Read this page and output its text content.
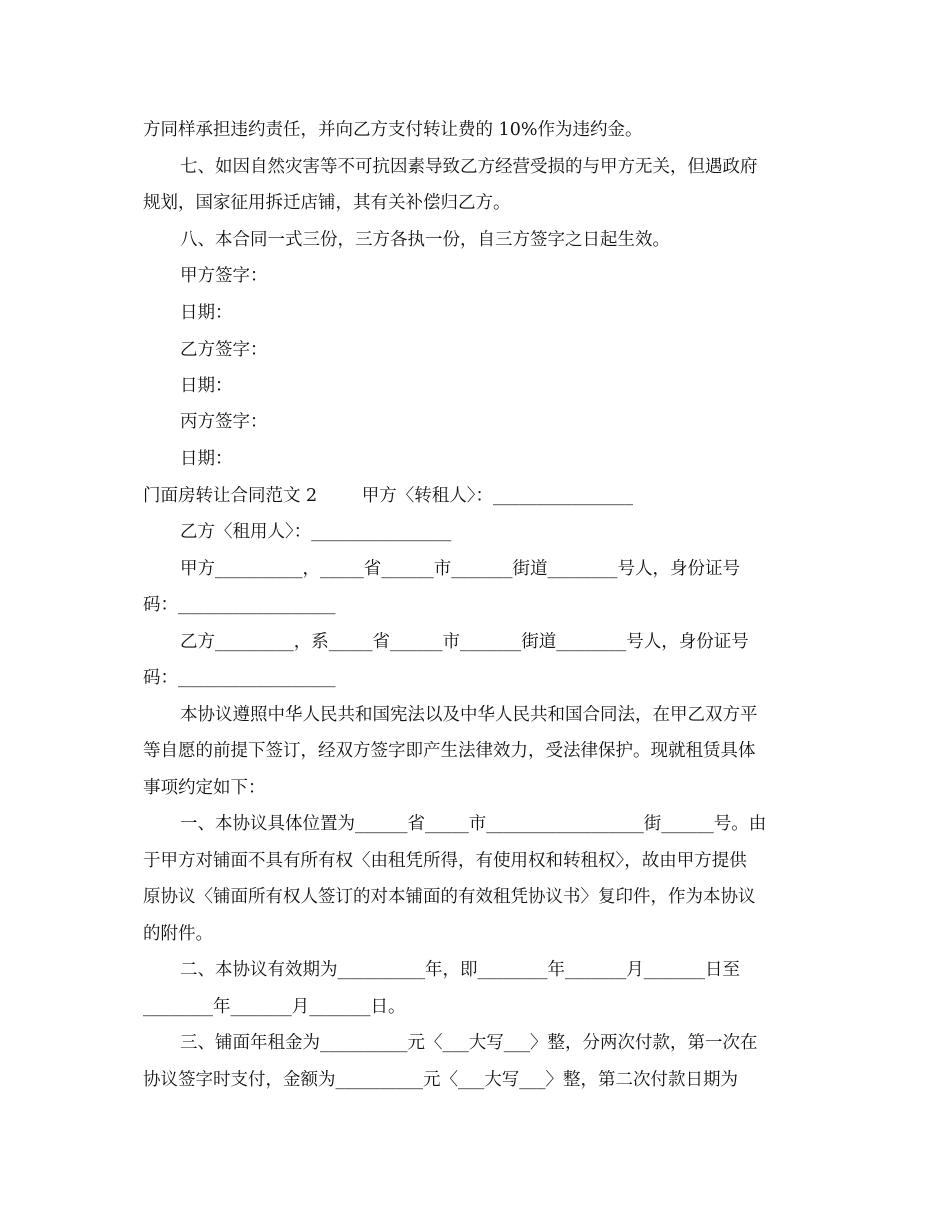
方同样承担违约责任，并向乙方支付转让费的 10%作为违约金。
七、如因自然灾害等不可抗因素导致乙方经营受损的与甲方无关，但遇政府
规划，国家征用拆迁店铺，其有关补偿归乙方。
八、本合同一式三份，三方各执一份，自三方签字之日起生效。
甲方签字：
日期：
乙方签字：
日期：
丙方签字：
日期：
门面房转让合同范文 2        甲方〈转租人〉：________________
乙方〈租用人〉：________________
甲方__________，_____省______市_______街道________号人，身份证号
码：__________________
乙方_________，系_____省______市_______街道________号人，身份证号
码：__________________
本协议遵照中华人民共和国宪法以及中华人民共和国合同法，在甲乙双方平
等自愿的前提下签订，经双方签字即产生法律效力，受法律保护。现就租赁具体
事项约定如下：
一、本协议具体位置为______省_____市__________________街______号。由
于甲方对铺面不具有所有权〈由租凭所得，有使用权和转租权〉，故由甲方提供
原协议〈铺面所有权人签订的对本铺面的有效租凭协议书〉复印件，作为本协议
的附件。
二、本协议有效期为__________年，即________年_______月_______日至
________年_______月_______日。
三、铺面年租金为__________元〈___大写___〉整，分两次付款，第一次在
协议签字时支付，金额为__________元〈___大写___〉整，第二次付款日期为
